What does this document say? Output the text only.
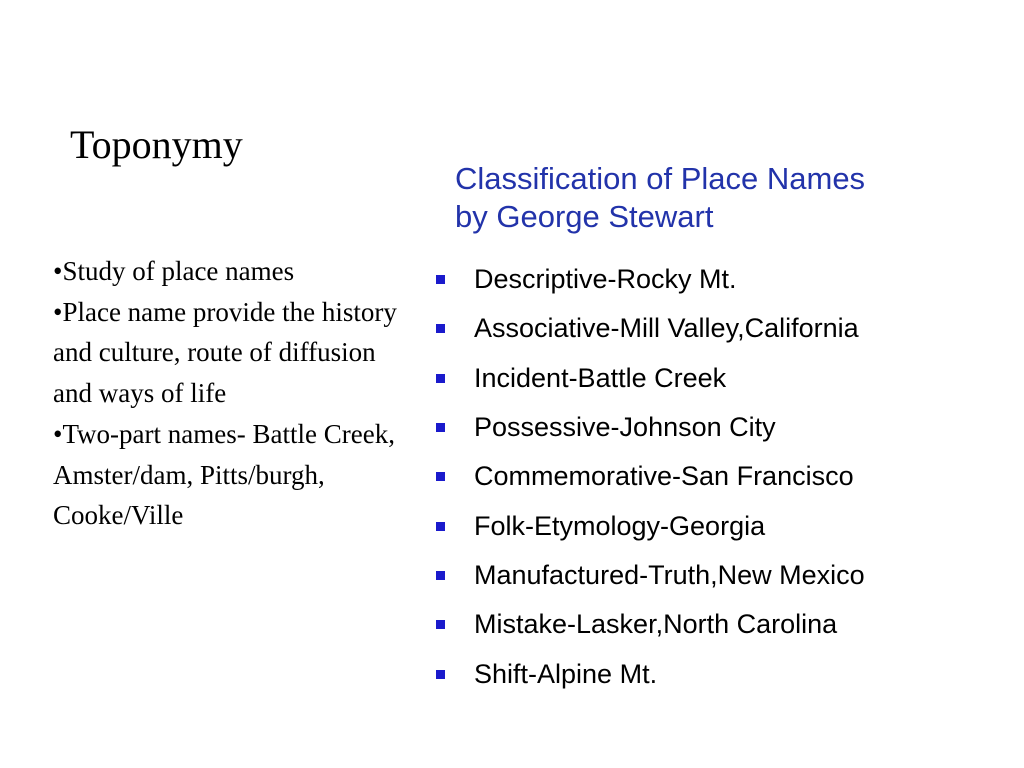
Toponymy

•Study of place names

•Place name provide the history and culture, route of diffusion and ways of life

•Two-part names- Battle Creek, Amster/dam, Pitts/burgh, Cooke/Ville

Classification of Place Names
by George Stewart
Descriptive-Rocky Mt.
Associative-Mill Valley,California
Incident-Battle Creek
Possessive-Johnson City
Commemorative-San Francisco
Folk-Etymology-Georgia
Manufactured-Truth,New Mexico
Mistake-Lasker,North Carolina
Shift-Alpine Mt.
